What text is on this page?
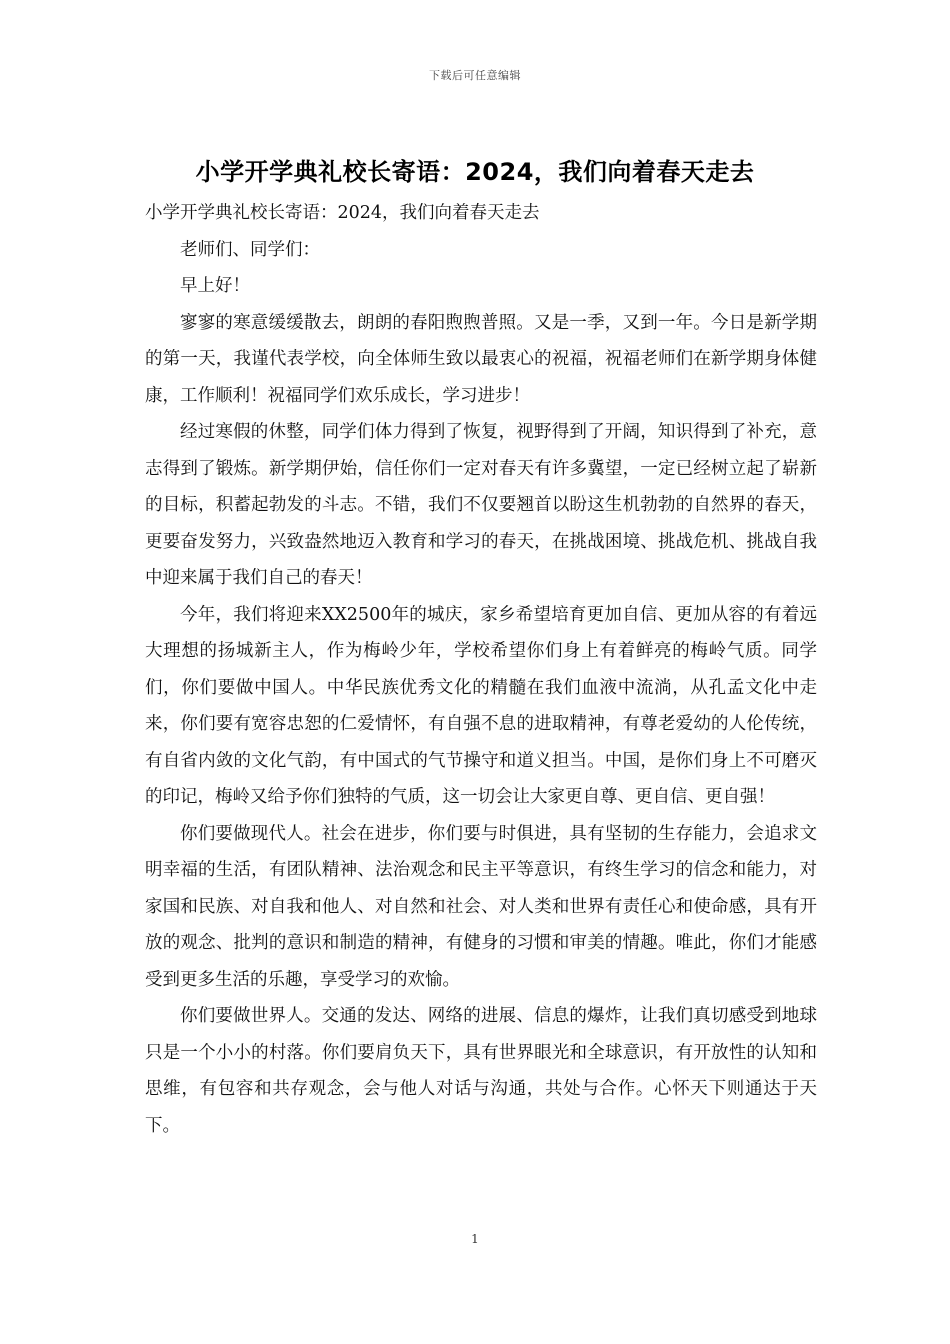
下载后可任意编辑
小学开学典礼校长寄语：2024，我们向着春天走去

小学开学典礼校长寄语：2024，我们向着春天走去

老师们、同学们：

早上好！

寥寥的寒意缓缓散去，朗朗的春阳煦煦普照。又是一季，又到一年。今日是新学期的第一天，我谨代表学校，向全体师生致以最衷心的祝福，祝福老师们在新学期身体健康，工作顺利！祝福同学们欢乐成长，学习进步！

经过寒假的休整，同学们体力得到了恢复，视野得到了开阔，知识得到了补充，意志得到了锻炼。新学期伊始，信任你们一定对春天有许多冀望，一定已经树立起了崭新的目标，积蓄起勃发的斗志。不错，我们不仅要翘首以盼这生机勃勃的自然界的春天，更要奋发努力，兴致盎然地迈入教育和学习的春天，在挑战困境、挑战危机、挑战自我中迎来属于我们自己的春天！

今年，我们将迎来XX2500年的城庆，家乡希望培育更加自信、更加从容的有着远大理想的扬城新主人，作为梅岭少年，学校希望你们身上有着鲜亮的梅岭气质。同学们，你们要做中国人。中华民族优秀文化的精髓在我们血液中流淌，从孔孟文化中走来，你们要有宽容忠恕的仁爱情怀，有自强不息的进取精神，有尊老爱幼的人伦传统，有自省内敛的文化气韵，有中国式的气节操守和道义担当。中国，是你们身上不可磨灭的印记，梅岭又给予你们独特的气质，这一切会让大家更自尊、更自信、更自强！

你们要做现代人。社会在进步，你们要与时俱进，具有坚韧的生存能力，会追求文明幸福的生活，有团队精神、法治观念和民主平等意识，有终生学习的信念和能力，对家国和民族、对自我和他人、对自然和社会、对人类和世界有责任心和使命感，具有开放的观念、批判的意识和制造的精神，有健身的习惯和审美的情趣。唯此，你们才能感受到更多生活的乐趣，享受学习的欢愉。

你们要做世界人。交通的发达、网络的进展、信息的爆炸，让我们真切感受到地球只是一个小小的村落。你们要肩负天下，具有世界眼光和全球意识，有开放性的认知和思维，有包容和共存观念，会与他人对话与沟通，共处与合作。心怀天下则通达于天下。

1
